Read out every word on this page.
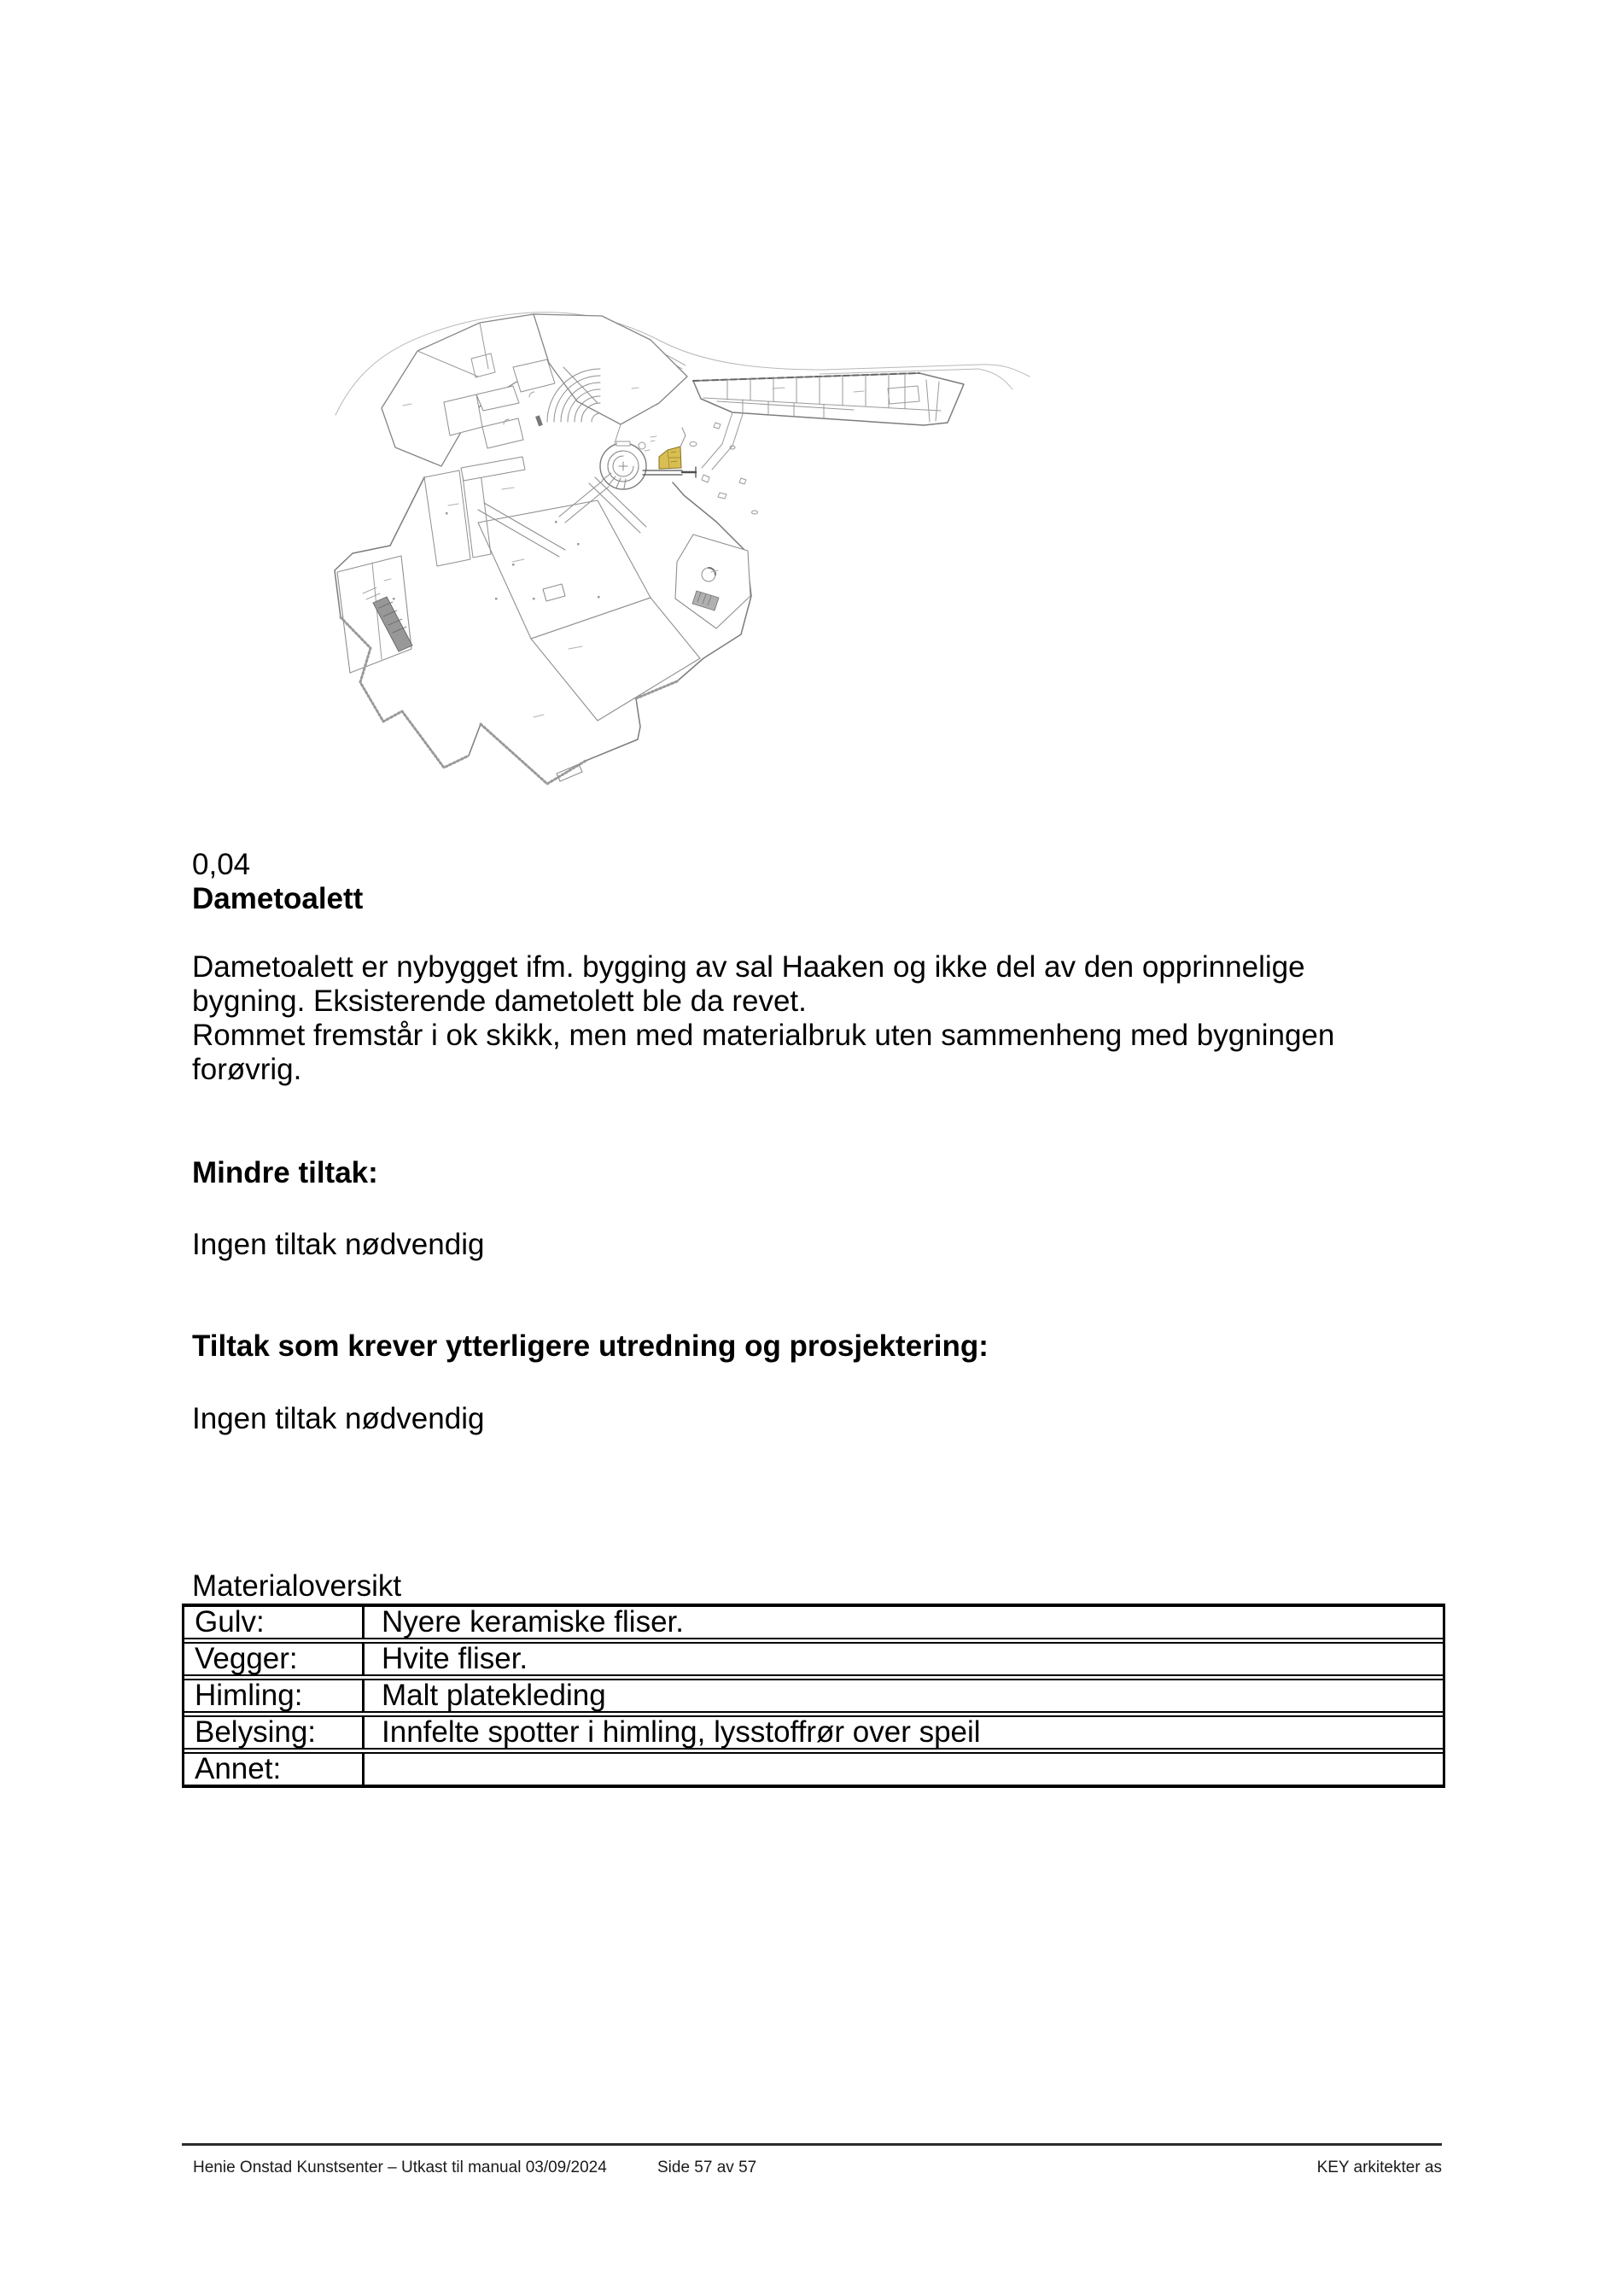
0,04
Dametoalett
Dametoalett er nybygget ifm. bygging av sal Haaken og ikke del av den opprinnelige
bygning. Eksisterende dametolett ble da revet.
Rommet fremstår i ok skikk, men med materialbruk uten sammenheng med bygningen
forøvrig.
Mindre tiltak:
Ingen tiltak nødvendig
Tiltak som krever ytterligere utredning og prosjektering:
Ingen tiltak nødvendig
Materialoversikt
Gulv:	Nyere keramiske fliser.
Vegger:	Hvite fliser.
Himling:	Malt platekleding
Belysing:	Innfelte spotter i himling, lysstoffrør over speil
Annet:
Henie Onstad Kunstsenter – Utkast til manual 03/09/2024	Side 57 av 57	KEY arkitekter as
